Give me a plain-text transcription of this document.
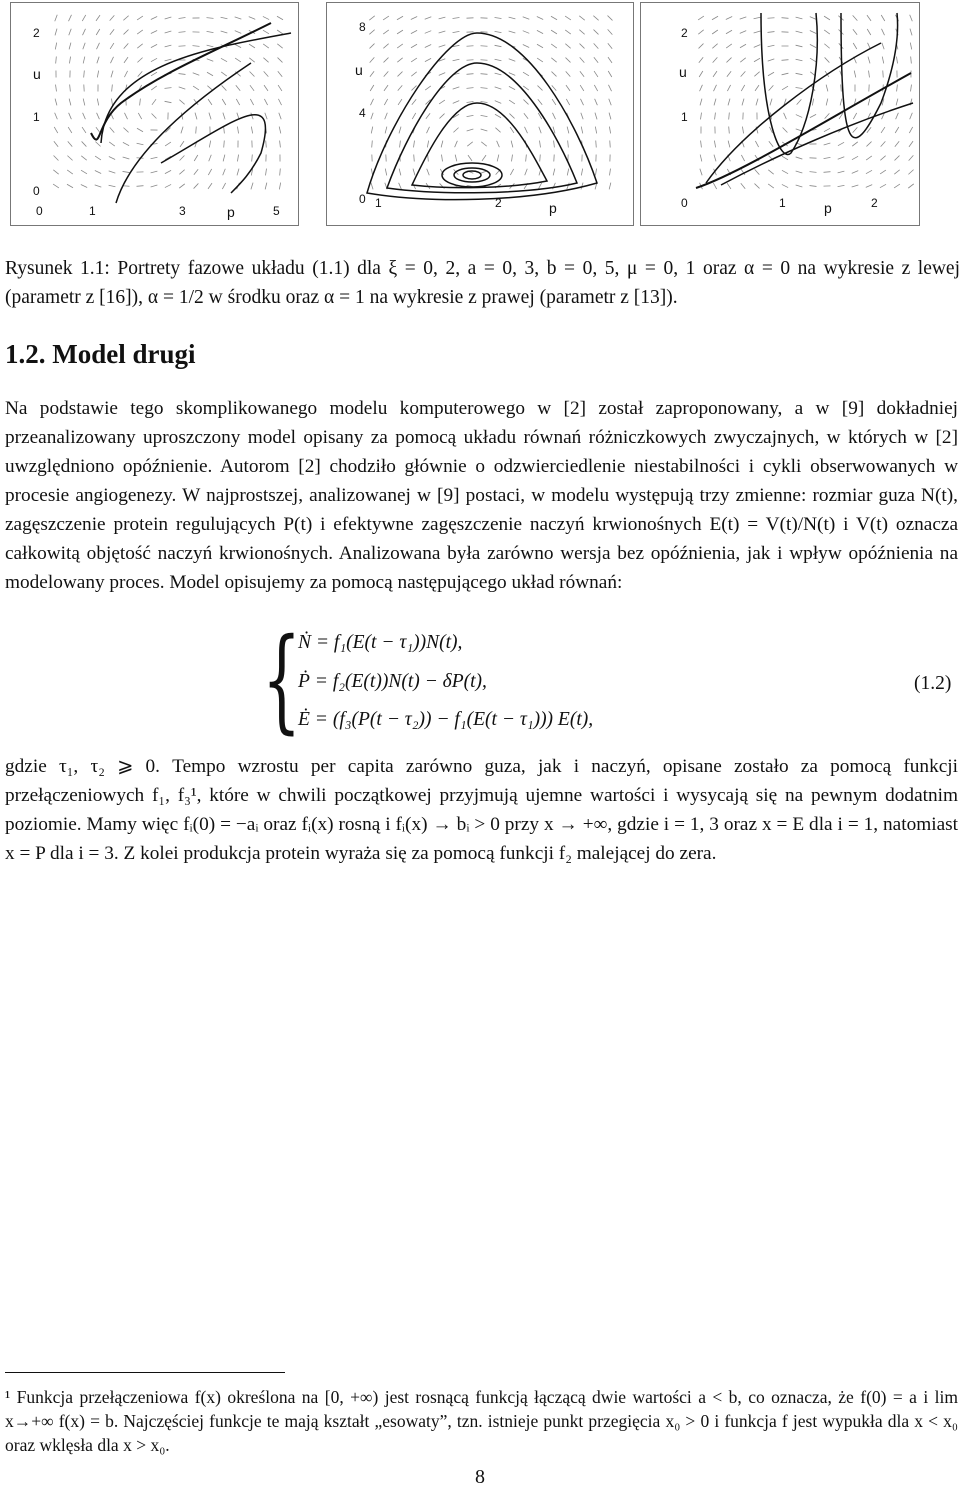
2
1
0
u
0	1	3	5
p
8
4
0
u
1	2	p
2
1
u
0	1	2
p
Rysunek 1.1: Portrety fazowe układu (1.1) dla ξ = 0, 2, a = 0, 3, b = 0, 5, μ = 0, 1 oraz α = 0 na wykresie z lewej (parametr z [16]), α = 1/2 w środku oraz α = 1 na wykresie z prawej (parametr z [13]).
1.2. Model drugi
Na podstawie tego skomplikowanego modelu komputerowego w [2] został zaproponowany, a w [9] dokładniej przeanalizowany uproszczony model opisany za pomocą układu równań różniczkowych zwyczajnych, w których w [2] uwzględniono opóźnienie. Autorom [2] chodziło głównie o odzwierciedlenie niestabilności i cykli obserwowanych w procesie angiogenezy. W najprostszej, analizowanej w [9] postaci, w modelu występują trzy zmienne: rozmiar guza N(t), zagęszczenie protein regulujących P(t) i efektywne zagęszczenie naczyń krwionośnych E(t) = V(t)/N(t) i V(t) oznacza całkowitą objętość naczyń krwionośnych. Analizowana była zarówno wersja bez opóźnienia, jak i wpływ opóźnienia na modelowany proces. Model opisujemy za pomocą następującego układ równań:
{
Ṅ = f₁(E(t − τ₁))N(t),
Ṗ = f₂(E(t))N(t) − δP(t),
Ė = (f₃(P(t − τ₂)) − f₁(E(t − τ₁))) E(t),
(1.2)
gdzie τ₁, τ₂ ⩾ 0. Tempo wzrostu per capita zarówno guza, jak i naczyń, opisane zostało za pomocą funkcji przełączeniowych f₁, f₃¹, które w chwili początkowej przyjmują ujemne wartości i wysycają się na pewnym dodatnim poziomie. Mamy więc fᵢ(0) = −aᵢ oraz fᵢ(x) rosną i fᵢ(x) → bᵢ > 0 przy x → +∞, gdzie i = 1, 3 oraz x = E dla i = 1, natomiast x = P dla i = 3. Z kolei produkcja protein wyraża się za pomocą funkcji f₂ malejącej do zera.
¹ Funkcja przełączeniowa f(x) określona na [0, +∞) jest rosnącą funkcją łączącą dwie wartości a < b, co oznacza, że f(0) = a i lim x→+∞ f(x) = b. Najczęściej funkcje te mają kształt „esowaty”, tzn. istnieje punkt przegięcia x₀ > 0 i funkcja f jest wypukła dla x < x₀ oraz wklęsła dla x > x₀.
8
